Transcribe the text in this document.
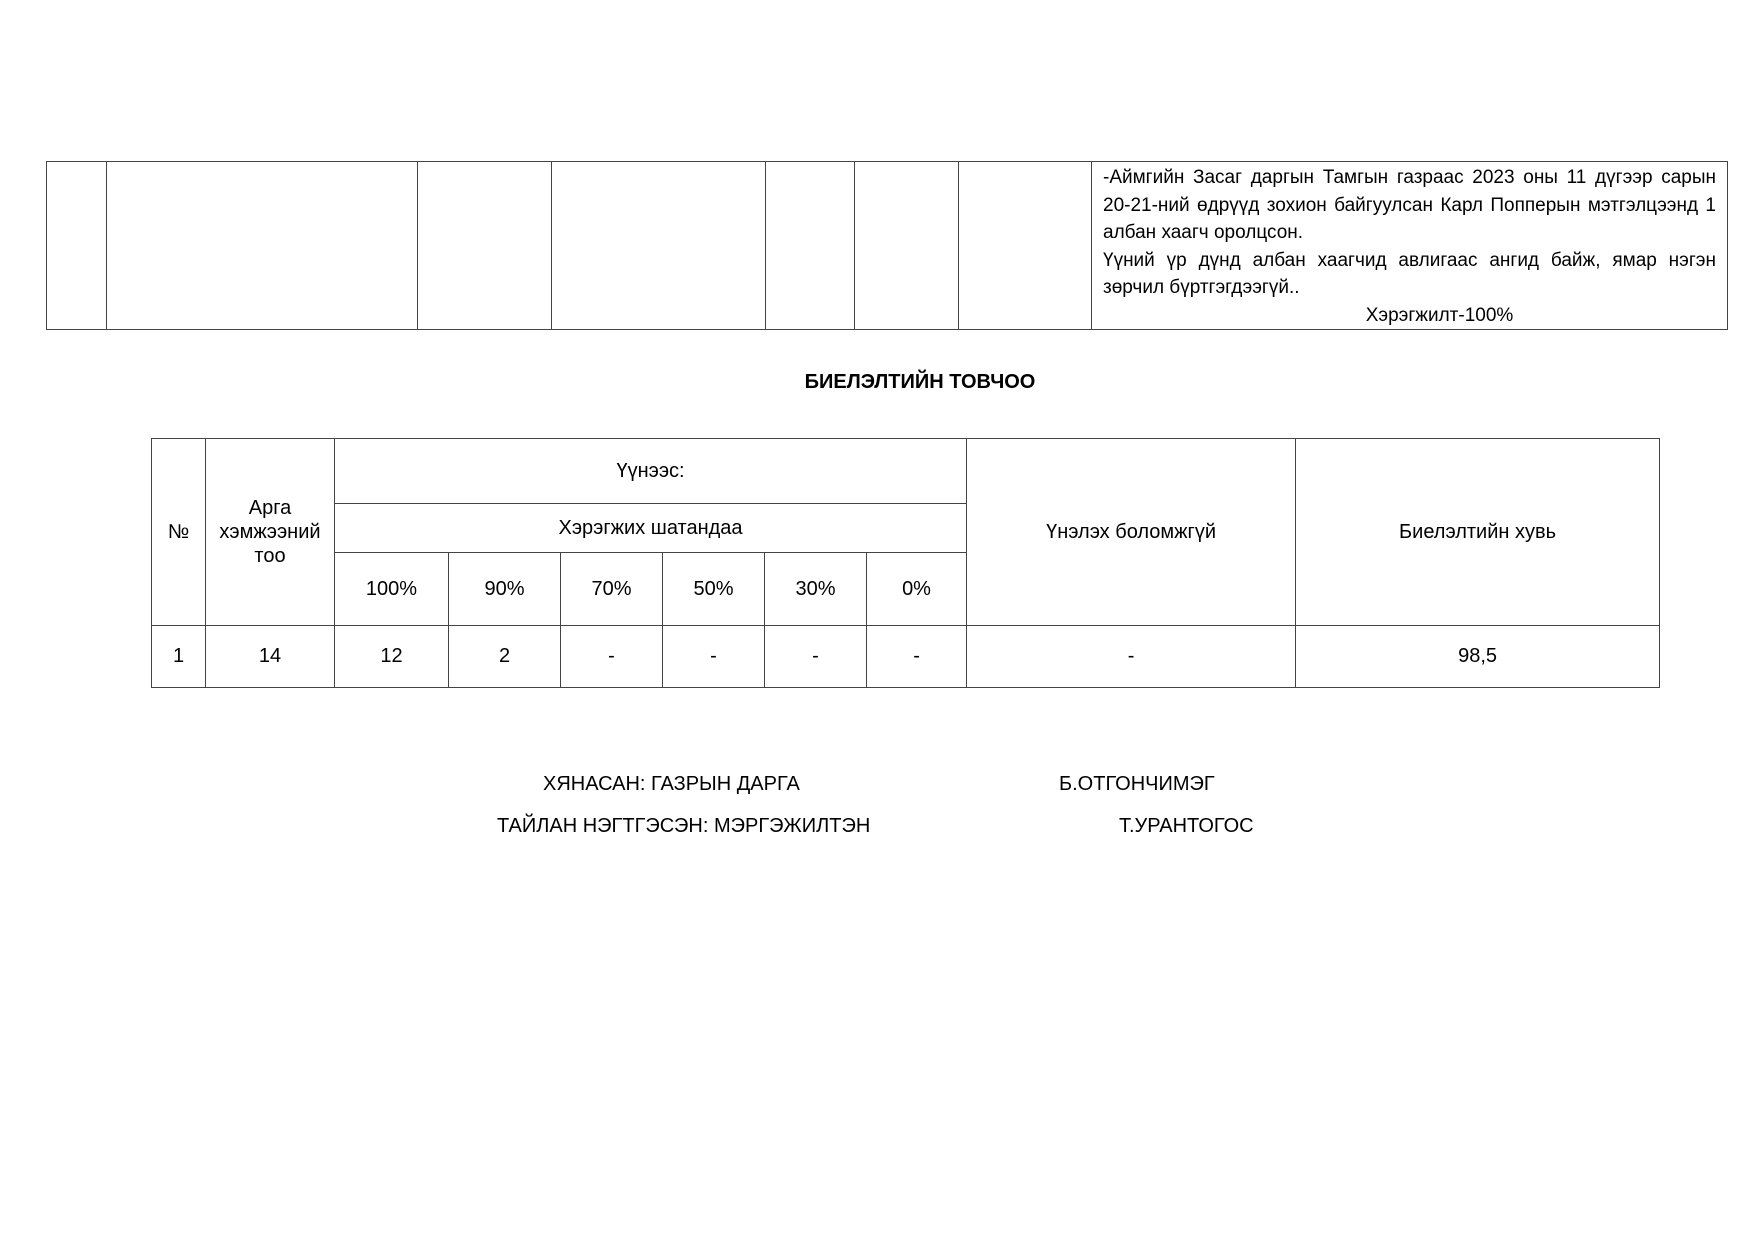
-Аймгийн Засаг даргын Тамгын газраас 2023 оны 11 дүгээр сарын 20-21-ний өдрүүд зохион байгуулсан Карл Попперын мэтгэлцээнд 1 албан хаагч оролцсон.

Үүний үр дүнд албан хаагчид авлигаас ангид байж, ямар нэгэн зөрчил бүртгэгдээгүй..

Хэрэгжилт-100%

БИЕЛЭЛТИЙН ТОВЧОО
№	Арга хэмжээний тоо	Үүнээс:						Үнэлэх боломжгүй	Биелэлтийн хувь
		Хэрэгжих шатандаа							
		100%	90%	70%	50%	30%	0%		
1	14	12	2	-	-	-	-	-	98,5
ХЯНАСАН: ГАЗРЫН ДАРГА	Б.ОТГОНЧИМЭГ
ТАЙЛАН НЭГТГЭСЭН: МЭРГЭЖИЛТЭН	Т.УРАНТОГОС
